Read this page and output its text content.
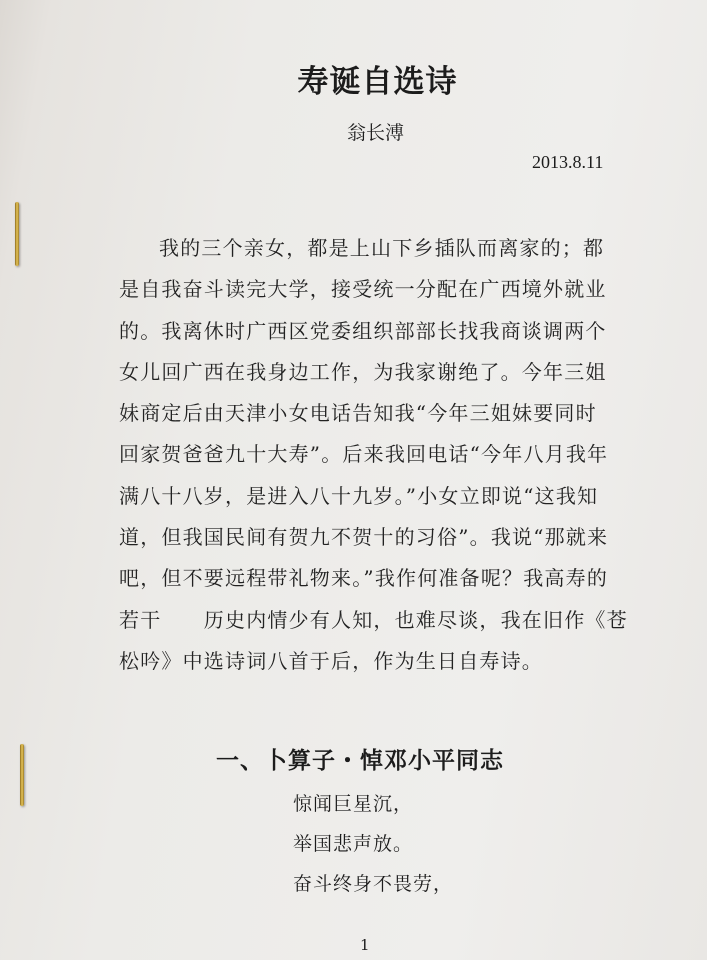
寿诞自选诗
翁长溥
2013.8.11
我的三个亲女，都是上山下乡插队而离家的；都
是自我奋斗读完大学，接受统一分配在广西境外就业
的。我离休时广西区党委组织部部长找我商谈调两个
女儿回广西在我身边工作，为我家谢绝了。今年三姐
妹商定后由天津小女电话告知我“今年三姐妹要同时
回家贺爸爸九十大寿”。后来我回电话“今年八月我年
满八十八岁，是进入八十九岁。”小女立即说“这我知
道，但我国民间有贺九不贺十的习俗”。我说“那就来
吧，但不要远程带礼物来。”我作何准备呢？我高寿的
若干　　历史内情少有人知，也难尽谈，我在旧作《苍
松吟》中选诗词八首于后，作为生日自寿诗。
一、卜算子・悼邓小平同志
惊闻巨星沉，
举国悲声放。
奋斗终身不畏劳，
1
